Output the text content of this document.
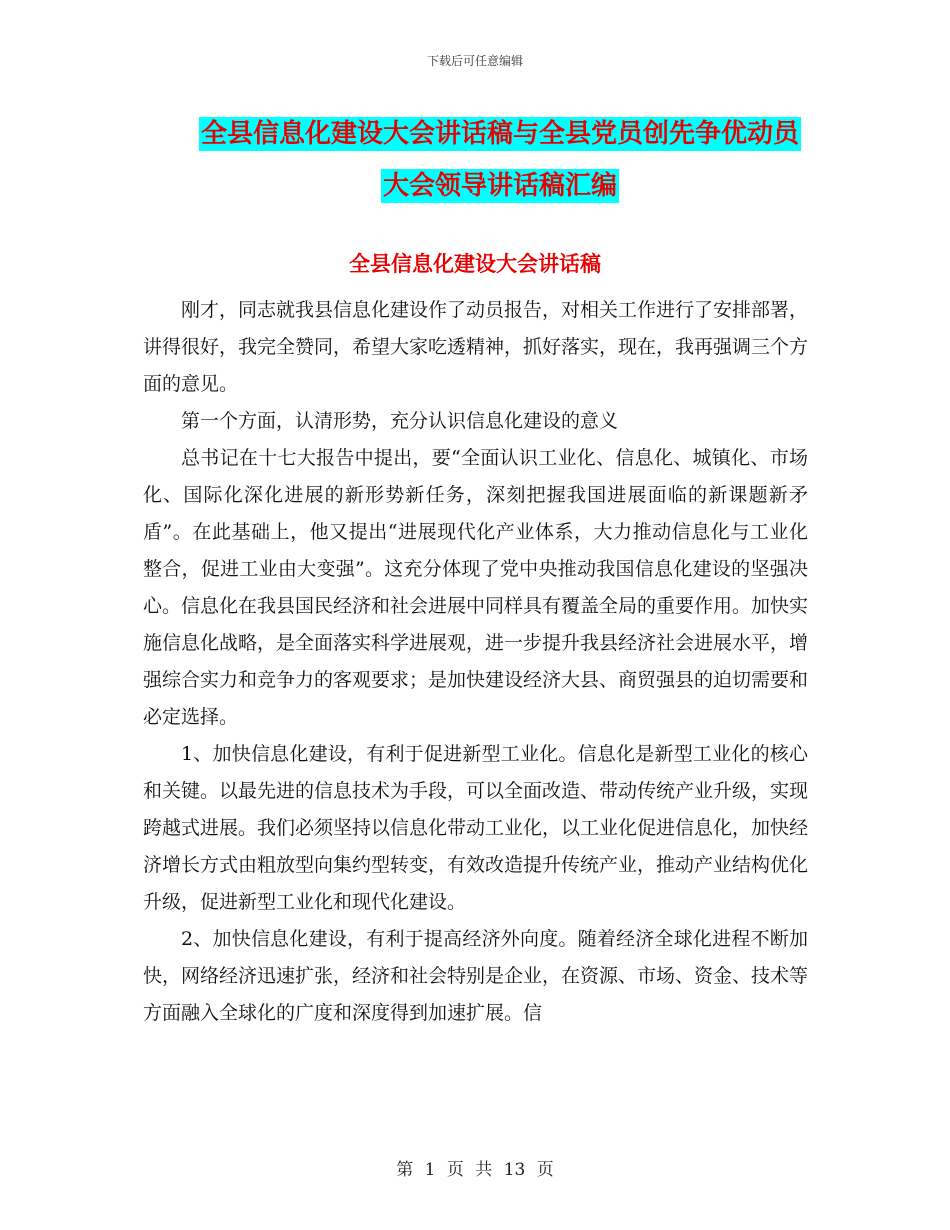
下载后可任意编辑
全县信息化建设大会讲话稿与全县党员创先争优动员
大会领导讲话稿汇编
全县信息化建设大会讲话稿

刚才，同志就我县信息化建设作了动员报告，对相关工作进行了安排部署，讲得很好，我完全赞同，希望大家吃透精神，抓好落实，现在，我再强调三个方面的意见。

第一个方面，认清形势，充分认识信息化建设的意义

总书记在十七大报告中提出，要“全面认识工业化、信息化、城镇化、市场化、国际化深化进展的新形势新任务，深刻把握我国进展面临的新课题新矛盾”。在此基础上，他又提出“进展现代化产业体系，大力推动信息化与工业化整合，促进工业由大变强”。这充分体现了党中央推动我国信息化建设的坚强决心。信息化在我县国民经济和社会进展中同样具有覆盖全局的重要作用。加快实施信息化战略，是全面落实科学进展观，进一步提升我县经济社会进展水平，增强综合实力和竞争力的客观要求；是加快建设经济大县、商贸强县的迫切需要和必定选择。

1、加快信息化建设，有利于促进新型工业化。信息化是新型工业化的核心和关键。以最先进的信息技术为手段，可以全面改造、带动传统产业升级，实现跨越式进展。我们必须坚持以信息化带动工业化，以工业化促进信息化，加快经济增长方式由粗放型向集约型转变，有效改造提升传统产业，推动产业结构优化升级，促进新型工业化和现代化建设。

2、加快信息化建设，有利于提高经济外向度。随着经济全球化进程不断加快，网络经济迅速扩张，经济和社会特别是企业，在资源、市场、资金、技术等方面融入全球化的广度和深度得到加速扩展。信

第 1 页 共 13 页
